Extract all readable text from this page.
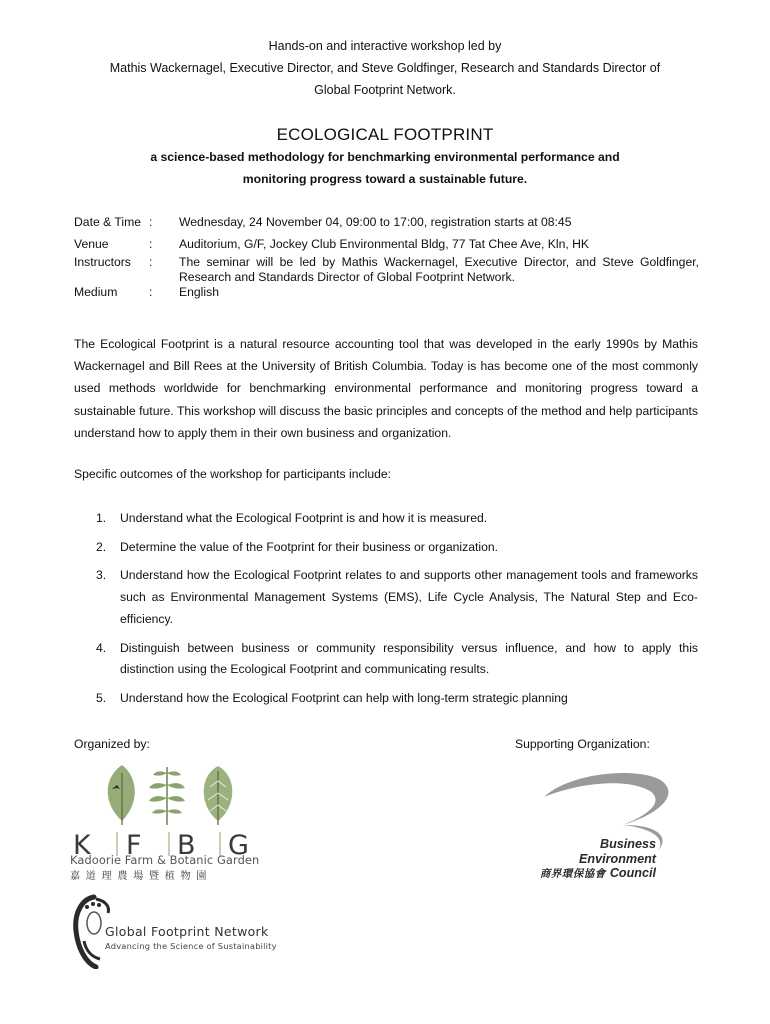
Hands-on and interactive workshop led by
Mathis Wackernagel, Executive Director, and Steve Goldfinger, Research and Standards Director of
Global Footprint Network.
ECOLOGICAL FOOTPRINT
a science-based methodology for benchmarking environmental performance and
monitoring progress toward a sustainable future.
Date & Time :	Wednesday, 24 November 04, 09:00 to 17:00, registration starts at 08:45
Venue	:	Auditorium, G/F, Jockey Club Environmental Bldg, 77 Tat Chee Ave, Kln, HK
Instructors	:	The seminar will be led by Mathis Wackernagel, Executive Director, and Steve Goldfinger, Research and Standards Director of Global Footprint Network.
Medium	:	English

The Ecological Footprint is a natural resource accounting tool that was developed in the early 1990s by Mathis Wackernagel and Bill Rees at the University of British Columbia. Today is has become one of the most commonly used methods worldwide for benchmarking environmental performance and monitoring progress toward a sustainable future. This workshop will discuss the basic principles and concepts of the method and help participants understand how to apply them in their own business and organization.

Specific outcomes of the workshop for participants include:

1.	Understand what the Ecological Footprint is and how it is measured.
2.	Determine the value of the Footprint for their business or organization.
3.	Understand how the Ecological Footprint relates to and supports other management tools and frameworks such as Environmental Management Systems (EMS), Life Cycle Analysis, The Natural Step and Eco-efficiency.
4.	Distinguish between business or community responsibility versus influence, and how to apply this distinction using the Ecological Footprint and communicating results.
5.	Understand how the Ecological Footprint can help with long-term strategic planning
Organized by:	Supporting Organization:
K F B G
Kadoorie Farm & Botanic Garden
嘉道理農場暨植物園
Global Footprint Network
Advancing the Science of Sustainability
Business
Environment
商界環保協會 Council
